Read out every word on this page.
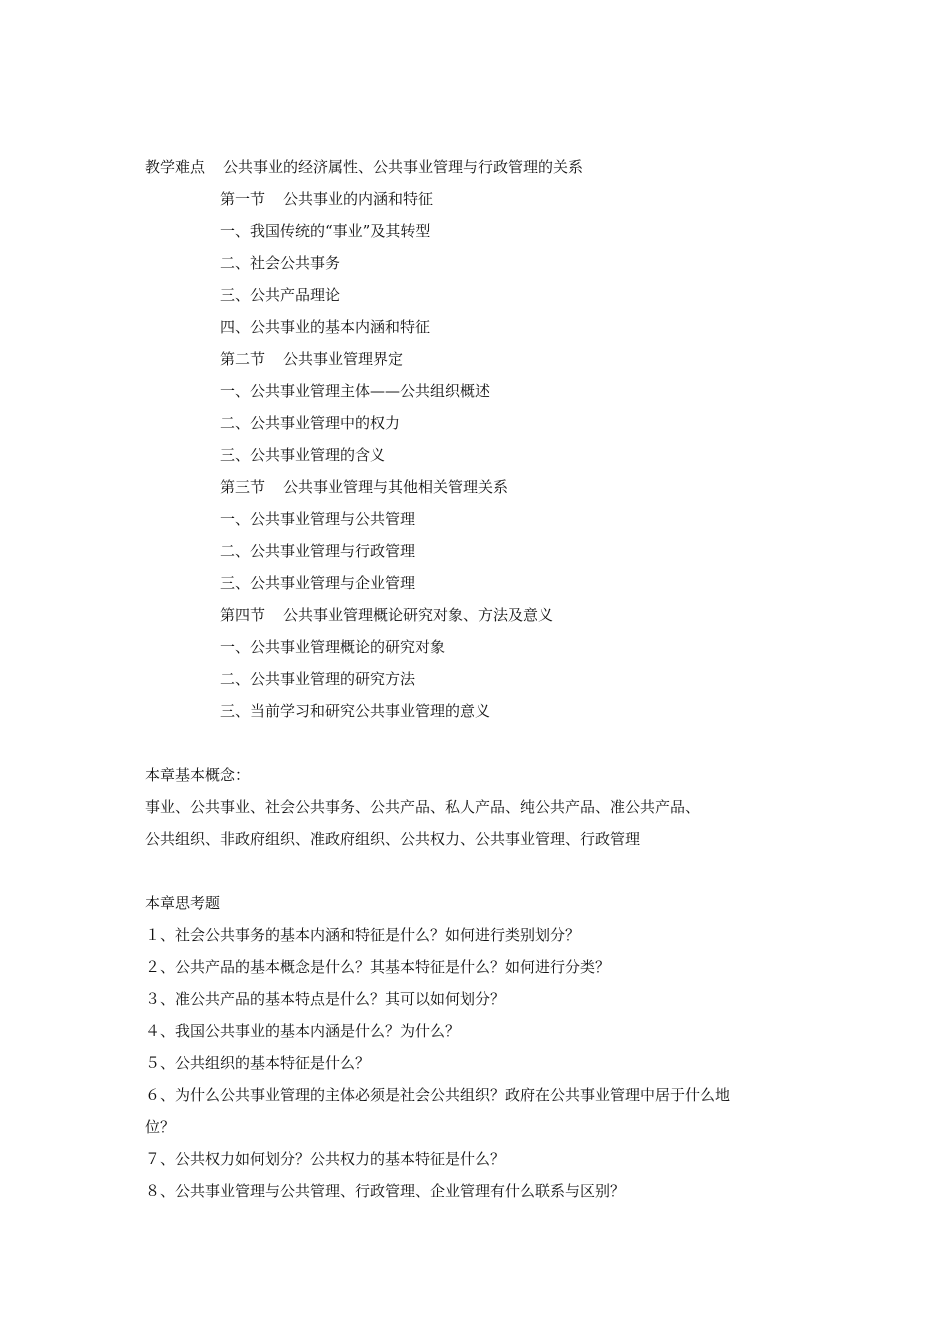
教学难点 公共事业的经济属性、公共事业管理与行政管理的关系
第一节 公共事业的内涵和特征
一、我国传统的“事业”及其转型
二、社会公共事务
三、公共产品理论
四、公共事业的基本内涵和特征
第二节 公共事业管理界定
一、公共事业管理主体——公共组织概述
二、公共事业管理中的权力
三、公共事业管理的含义
第三节 公共事业管理与其他相关管理关系
一、公共事业管理与公共管理
二、公共事业管理与行政管理
三、公共事业管理与企业管理
第四节 公共事业管理概论研究对象、方法及意义
一、公共事业管理概论的研究对象
二、公共事业管理的研究方法
三、当前学习和研究公共事业管理的意义
本章基本概念：
事业、公共事业、社会公共事务、公共产品、私人产品、纯公共产品、准公共产品、
公共组织、非政府组织、准政府组织、公共权力、公共事业管理、行政管理
本章思考题
１、社会公共事务的基本内涵和特征是什么？如何进行类别划分？
２、公共产品的基本概念是什么？其基本特征是什么？如何进行分类？
３、准公共产品的基本特点是什么？其可以如何划分？
４、我国公共事业的基本内涵是什么？为什么？
５、公共组织的基本特征是什么？
６、为什么公共事业管理的主体必须是社会公共组织？政府在公共事业管理中居于什么地
位？
７、公共权力如何划分？公共权力的基本特征是什么？
８、公共事业管理与公共管理、行政管理、企业管理有什么联系与区别？
